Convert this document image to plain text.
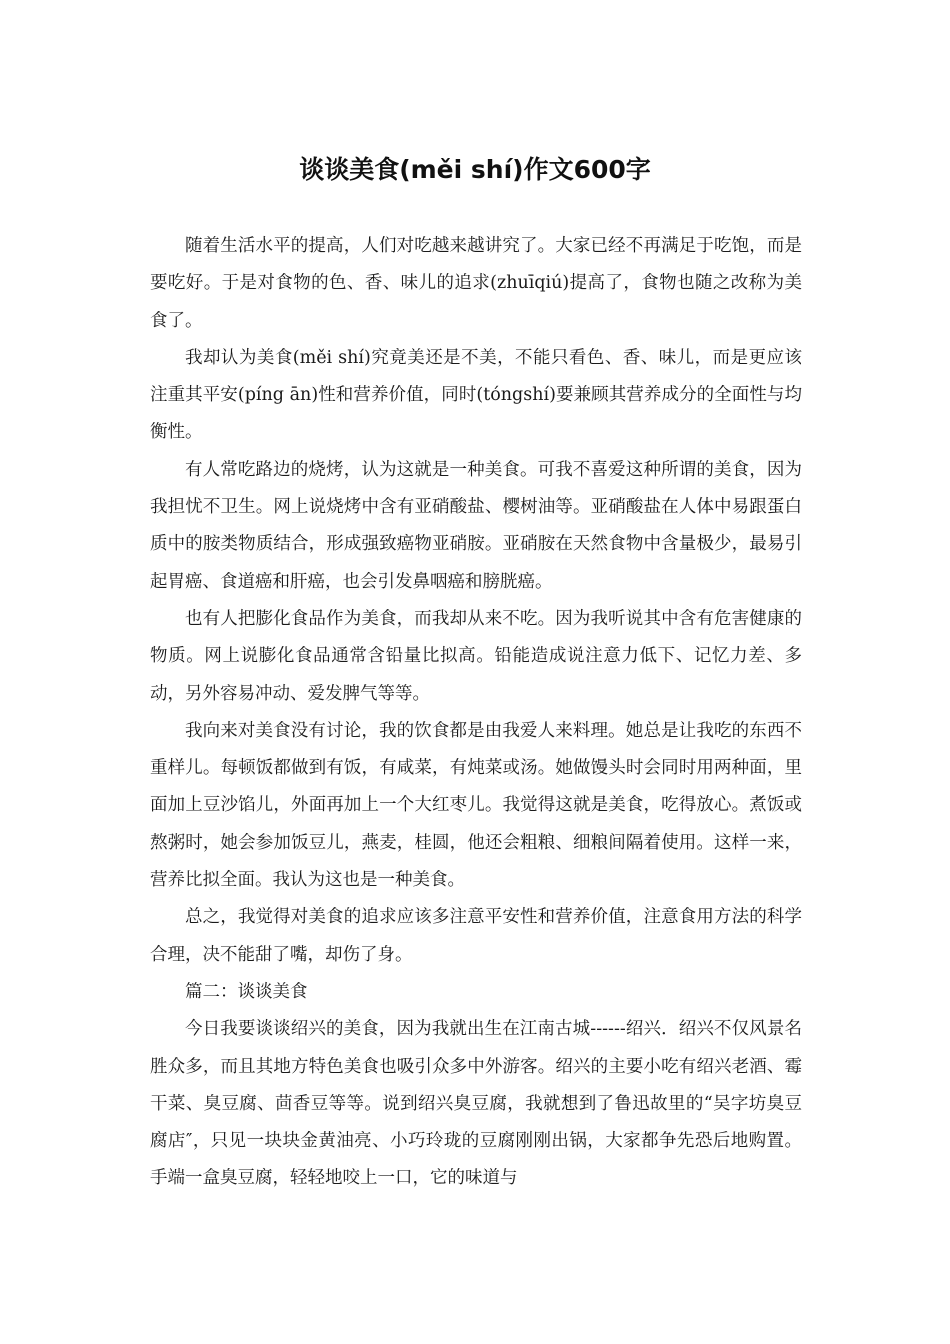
谈谈美食(měi shí)作文600字

随着生活水平的提高，人们对吃越来越讲究了。大家已经不再满足于吃饱，而是要吃好。于是对食物的色、香、味儿的追求(zhuīqiú)提高了，食物也随之改称为美食了。

我却认为美食(měi shí)究竟美还是不美，不能只看色、香、味儿，而是更应该注重其平安(píng ān)性和营养价值，同时(tóngshí)要兼顾其营养成分的全面性与均衡性。

有人常吃路边的烧烤，认为这就是一种美食。可我不喜爱这种所谓的美食，因为我担忧不卫生。网上说烧烤中含有亚硝酸盐、樱树油等。亚硝酸盐在人体中易跟蛋白质中的胺类物质结合，形成强致癌物亚硝胺。亚硝胺在天然食物中含量极少，最易引起胃癌、食道癌和肝癌，也会引发鼻咽癌和膀胱癌。

也有人把膨化食品作为美食，而我却从来不吃。因为我听说其中含有危害健康的物质。网上说膨化食品通常含铅量比拟高。铅能造成说注意力低下、记忆力差、多动，另外容易冲动、爱发脾气等等。

我向来对美食没有讨论，我的饮食都是由我爱人来料理。她总是让我吃的东西不重样儿。每顿饭都做到有饭，有咸菜，有炖菜或汤。她做馒头时会同时用两种面，里面加上豆沙馅儿，外面再加上一个大红枣儿。我觉得这就是美食，吃得放心。煮饭或熬粥时，她会参加饭豆儿，燕麦，桂圆，他还会粗粮、细粮间隔着使用。这样一来，营养比拟全面。我认为这也是一种美食。

总之，我觉得对美食的追求应该多注意平安性和营养价值，注意食用方法的科学合理，决不能甜了嘴，却伤了身。

篇二：谈谈美食

今日我要谈谈绍兴的美食，因为我就出生在江南古城------绍兴．绍兴不仅风景名胜众多，而且其地方特色美食也吸引众多中外游客。绍兴的主要小吃有绍兴老酒、霉干菜、臭豆腐、茴香豆等等。说到绍兴臭豆腐，我就想到了鲁迅故里的“吴字坊臭豆腐店″，只见一块块金黄油亮、小巧玲珑的豆腐刚刚出锅，大家都争先恐后地购置。手端一盒臭豆腐，轻轻地咬上一口，它的味道与
